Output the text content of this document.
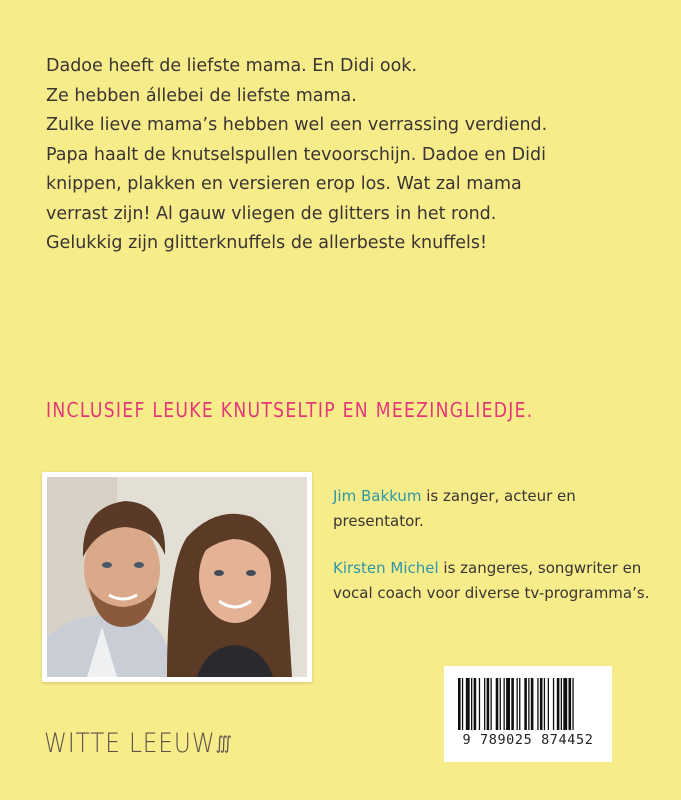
Dadoe heeft de liefste mama. En Didi ook.
Ze hebben állebei de liefste mama.
Zulke lieve mama’s hebben wel een verrassing verdiend.
Papa haalt de knutselspullen tevoorschijn. Dadoe en Didi
knippen, plakken en versieren erop los. Wat zal mama
verrast zijn! Al gauw vliegen de glitters in het rond.
Gelukkig zijn glitterknuffels de allerbeste knuffels!
INCLUSIEF LEUKE KNUTSELTIP EN MEEZINGLIEDJE.
Jim Bakkum is zanger, acteur en presentator.
Kirsten Michel is zangeres, songwriter en vocal coach voor diverse tv-programma’s.
WITTE LEEUW∭	9 789025 874452
